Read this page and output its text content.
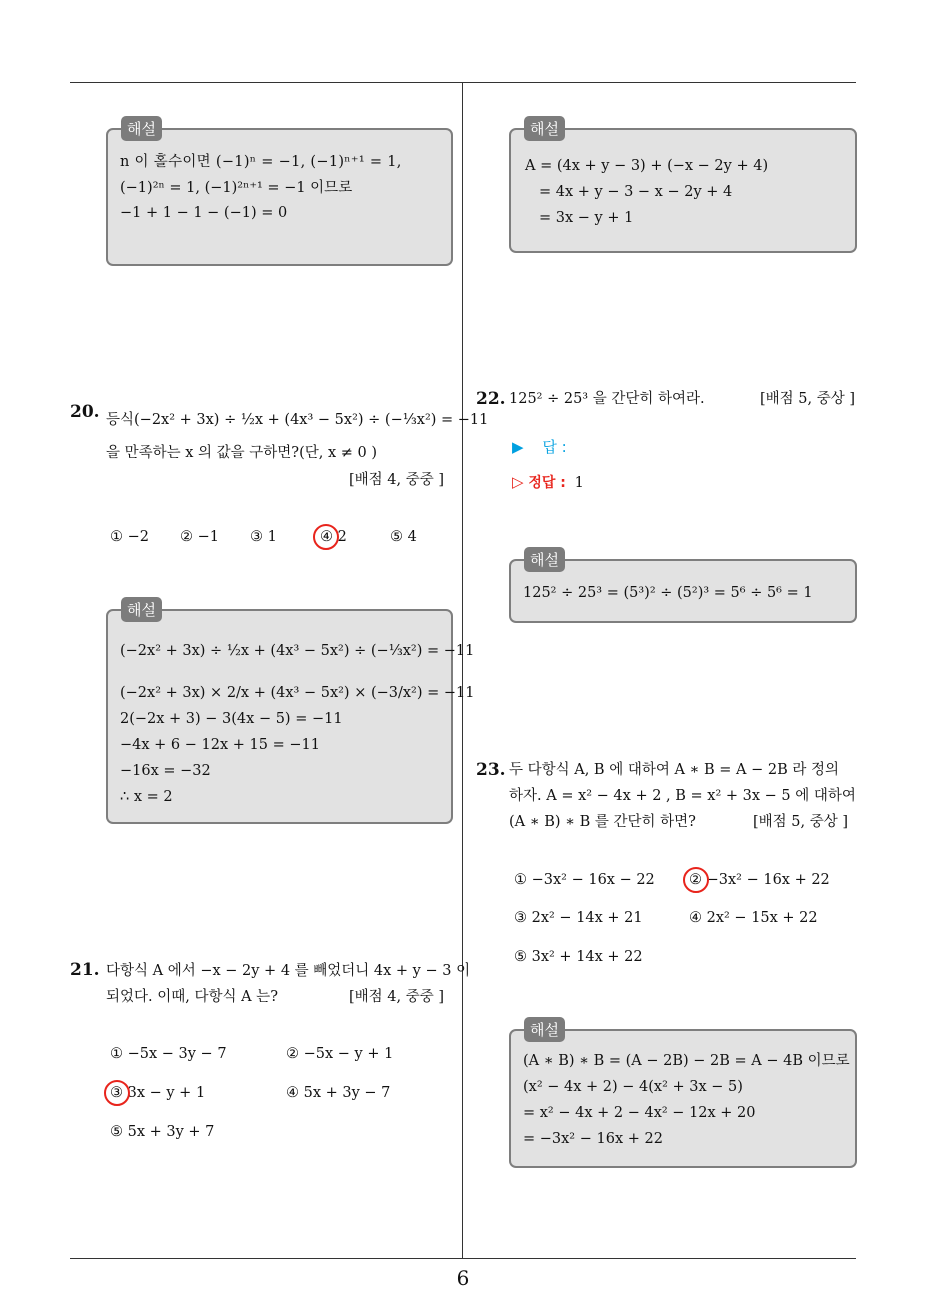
해설
n 이 홀수이면 (−1)ⁿ = −1, (−1)ⁿ⁺¹ = 1,
(−1)²ⁿ = 1, (−1)²ⁿ⁺¹ = −1 이므로
−1 + 1 − 1 − (−1) = 0
해설
A = (4x + y − 3) + (−x − 2y + 4)
= 4x + y − 3 − x − 2y + 4
= 3x − y + 1
20. 등식(−2x² + 3x) ÷ ½x + (4x³ − 5x²) ÷ (−⅓x²) = −11
을 만족하는 x 의 값을 구하면?(단, x ≠ 0 )
[배점 4, 중중 ]
① −2 ② −1 ③ 1	④ 2	⑤ 4
해설
(−2x² + 3x) ÷ ½x + (4x³ − 5x²) ÷ (−⅓x²) = −11
(−2x² + 3x) × 2/x + (4x³ − 5x²) × (−3/x²) = −11
2(−2x + 3) − 3(4x − 5) = −11
−4x + 6 − 12x + 15 = −11
−16x = −32
∴ x = 2
21. 다항식 A 에서 −x − 2y + 4 를 빼었더니 4x + y − 3 이
되었다. 이때, 다항식 A 는?	[배점 4, 중중 ]
① −5x − 3y − 7	② −5x − y + 1
③ 3x − y + 1	④ 5x + 3y − 7
⑤ 5x + 3y + 7
22. 125² ÷ 25³ 을 간단히 하여라.	[배점 5, 중상 ]
▶ 답 :
▷ 정답 : 1
해설
125² ÷ 25³ = (5³)² ÷ (5²)³ = 5⁶ ÷ 5⁶ = 1
23. 두 다항식 A, B 에 대하여 A ∗ B = A − 2B 라 정의
하자. A = x² − 4x + 2 , B = x² + 3x − 5 에 대하여
(A ∗ B) ∗ B 를 간단히 하면?	[배점 5, 중상 ]
① −3x² − 16x − 22 ② −3x² − 16x + 22
③ 2x² − 14x + 21	④ 2x² − 15x + 22
⑤ 3x² + 14x + 22
해설
(A ∗ B) ∗ B = (A − 2B) − 2B = A − 4B 이므로
(x² − 4x + 2) − 4(x² + 3x − 5)
= x² − 4x + 2 − 4x² − 12x + 20
= −3x² − 16x + 22
6
